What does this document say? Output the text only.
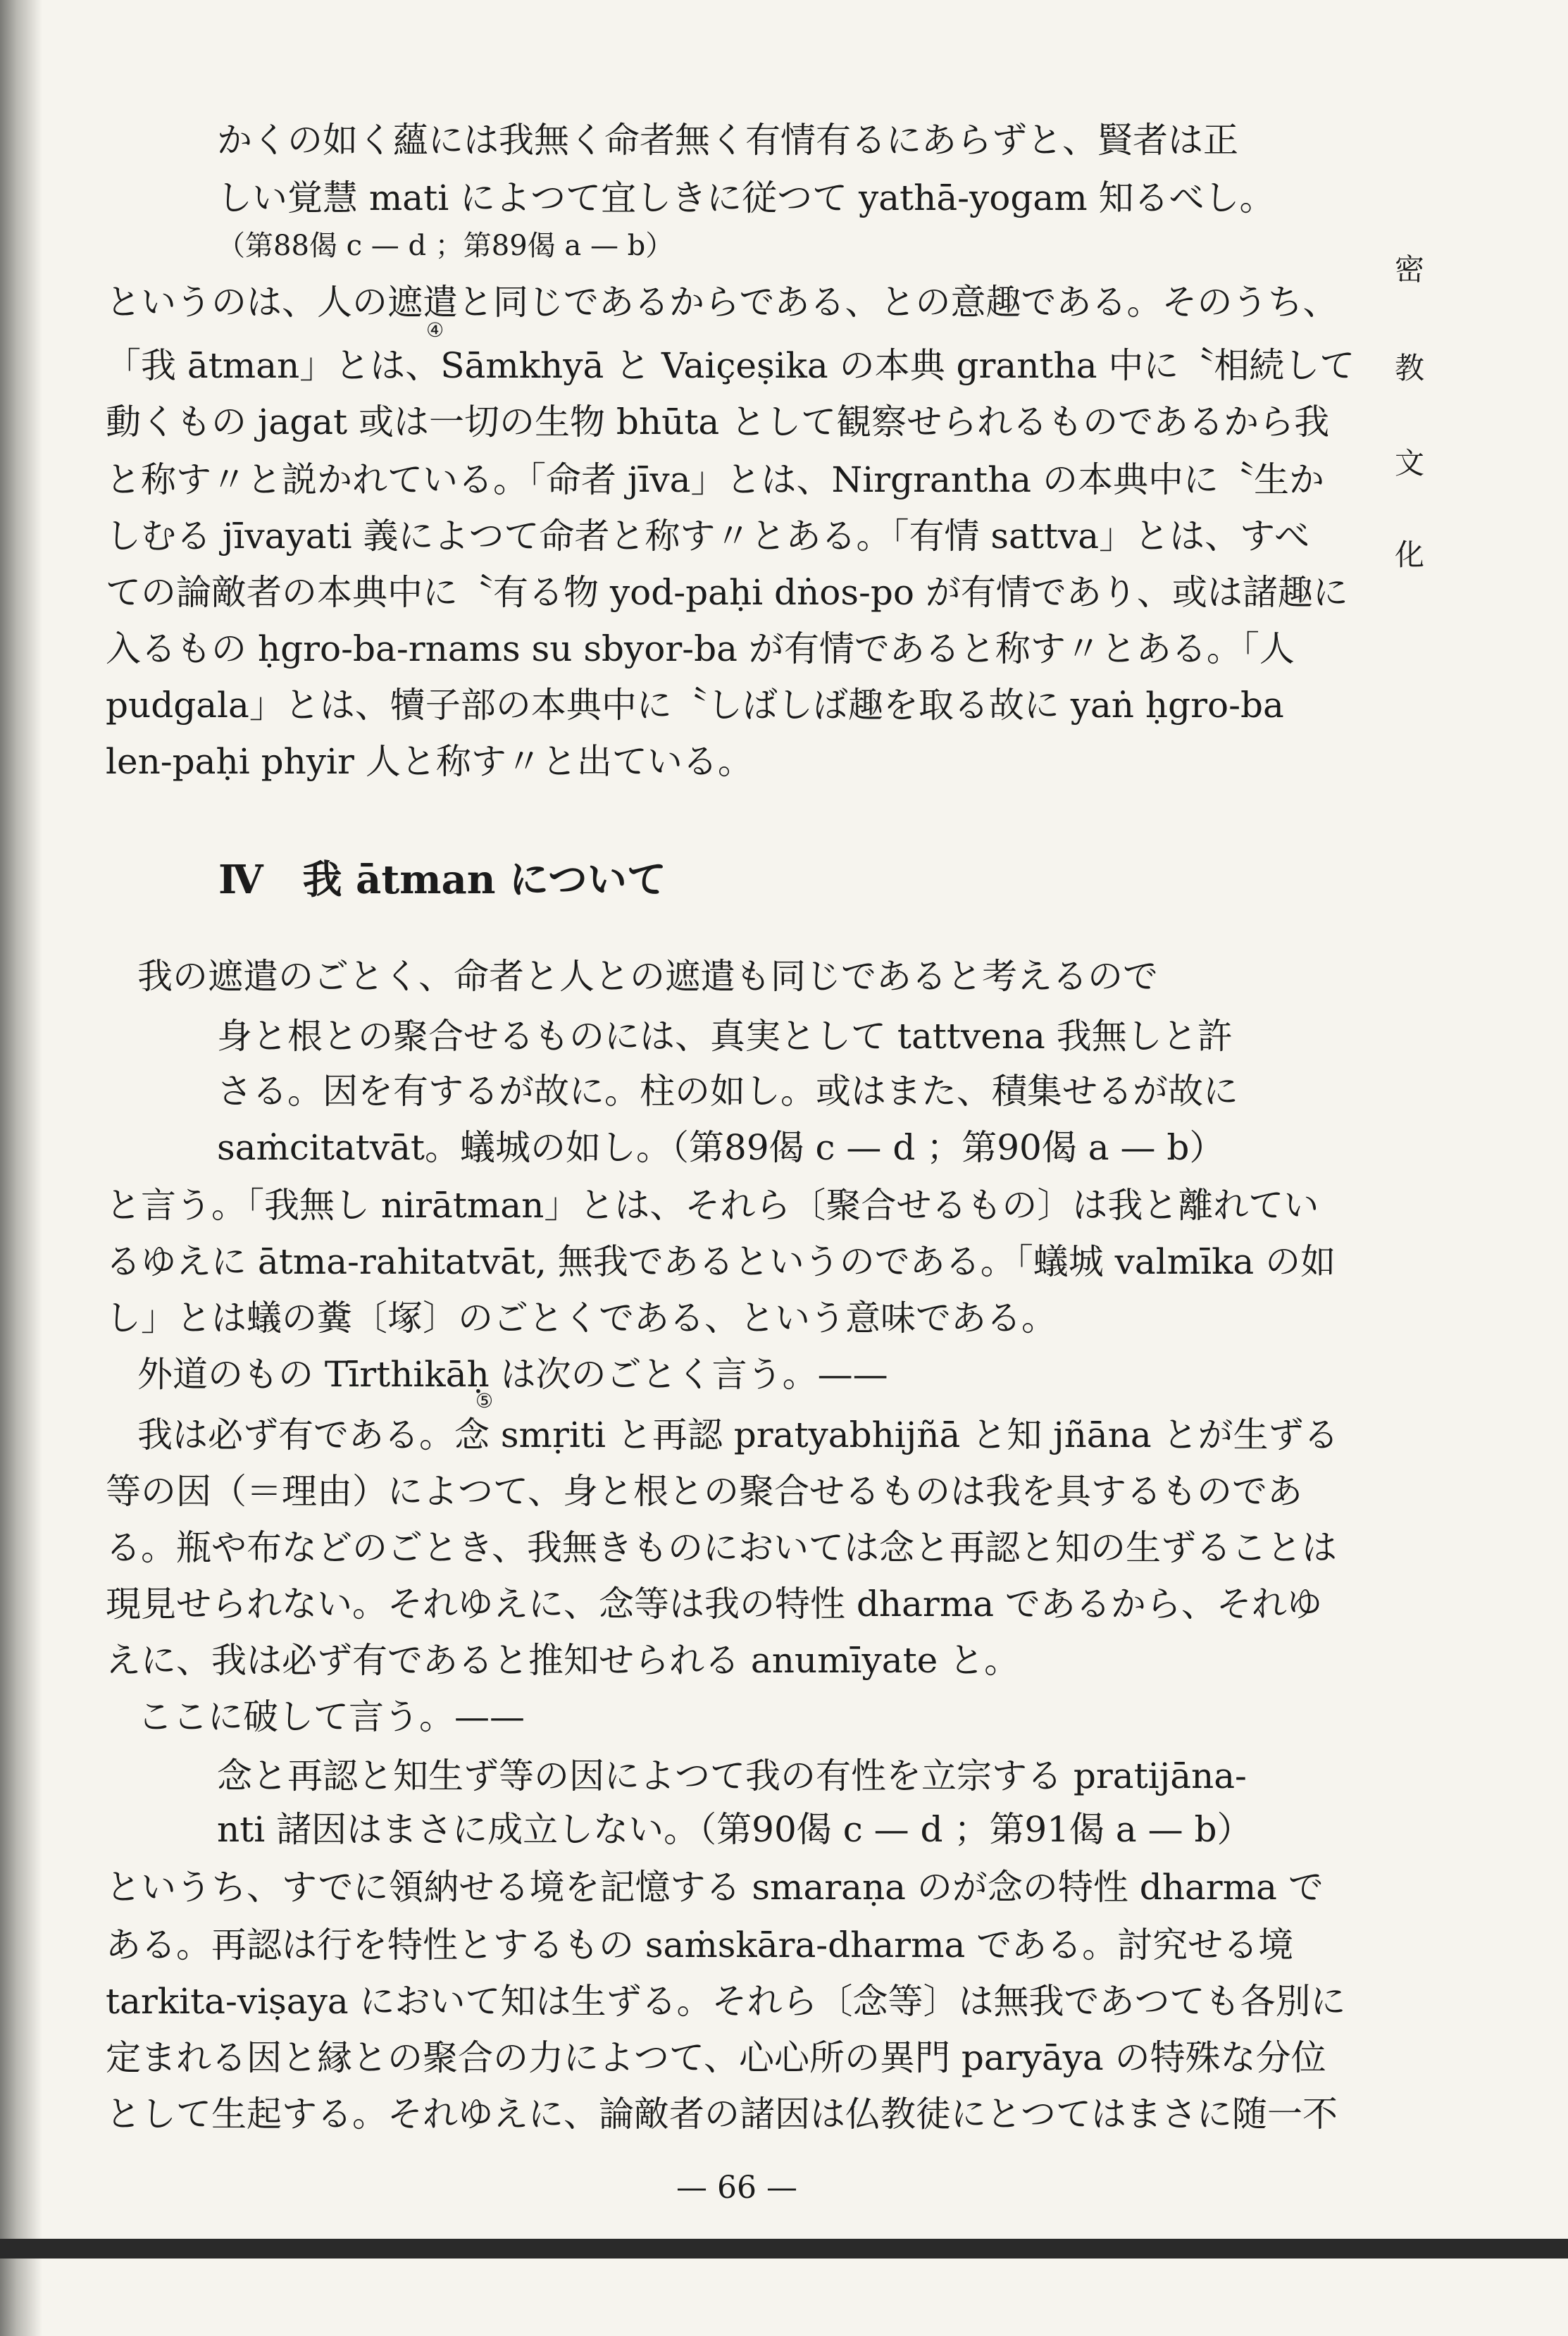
密
教
文
化
かくの如く蘊には我無く命者無く有情有るにあらずと、賢者は正
しい覚慧 mati によつて宜しきに従つて yathā-yogam 知るべし。
（第88偈 c — d ；第89偈 a — b）
④
というのは、人の遮遣と同じであるからである、との意趣である。そのうち、
「我 ātman」とは、Sāmkhyā と Vaiçeṣika の本典 grantha 中に〝相続して
動くもの jagat 或は一切の生物 bhūta として観察せられるものであるから我
と称す〃と説かれている。「命者 jīva」とは、Nirgrantha の本典中に〝生か
しむる jīvayati 義によつて命者と称す〃とある。「有情 sattva」とは、すべ
ての論敵者の本典中に〝有る物 yod-paḥi dṅos-po が有情であり、或は諸趣に
入るもの ḥgro-ba-rnams su sbyor-ba が有情であると称す〃とある。「人
pudgala」とは、犢子部の本典中に〝しばしば趣を取る故に yaṅ ḥgro-ba
len-paḥi phyir 人と称す〃と出ている。
Ⅳ　我 ātman について
我の遮遣のごとく、命者と人との遮遣も同じであると考えるので
身と根との聚合せるものには、真実として tattvena 我無しと許
さる。因を有するが故に。柱の如し。或はまた、積集せるが故に
saṁcitatvāt。蟻城の如し。（第89偈 c — d ；第90偈 a — b）
と言う。「我無し nirātman」とは、それら〔聚合せるもの〕は我と離れてい
るゆえに ātma-rahitatvāt, 無我であるというのである。「蟻城 valmīka の如
し」とは蟻の糞〔塚〕のごとくである、という意味である。
外道のもの Tīrthikāḥ は次のごとく言う。——
⑤
我は必ず有である。念 smṛiti と再認 pratyabhijñā と知 jñāna とが生ずる
等の因（＝理由）によつて、身と根との聚合せるものは我を具するものであ
る。瓶や布などのごとき、我無きものにおいては念と再認と知の生ずることは
現見せられない。それゆえに、念等は我の特性 dharma であるから、それゆ
えに、我は必ず有であると推知せられる anumīyate と。
ここに破して言う。——
念と再認と知生ず等の因によつて我の有性を立宗する pratijāna-
nti 諸因はまさに成立しない。（第90偈 c — d ；第91偈 a — b）
というち、すでに領納せる境を記憶する smaraṇa のが念の特性 dharma で
ある。再認は行を特性とするもの saṁskāra-dharma である。討究せる境
tarkita-viṣaya において知は生ずる。それら〔念等〕は無我であつても各別に
定まれる因と縁との聚合の力によつて、心心所の異門 paryāya の特殊な分位
として生起する。それゆえに、論敵者の諸因は仏教徒にとつてはまさに随一不
— 66 —
